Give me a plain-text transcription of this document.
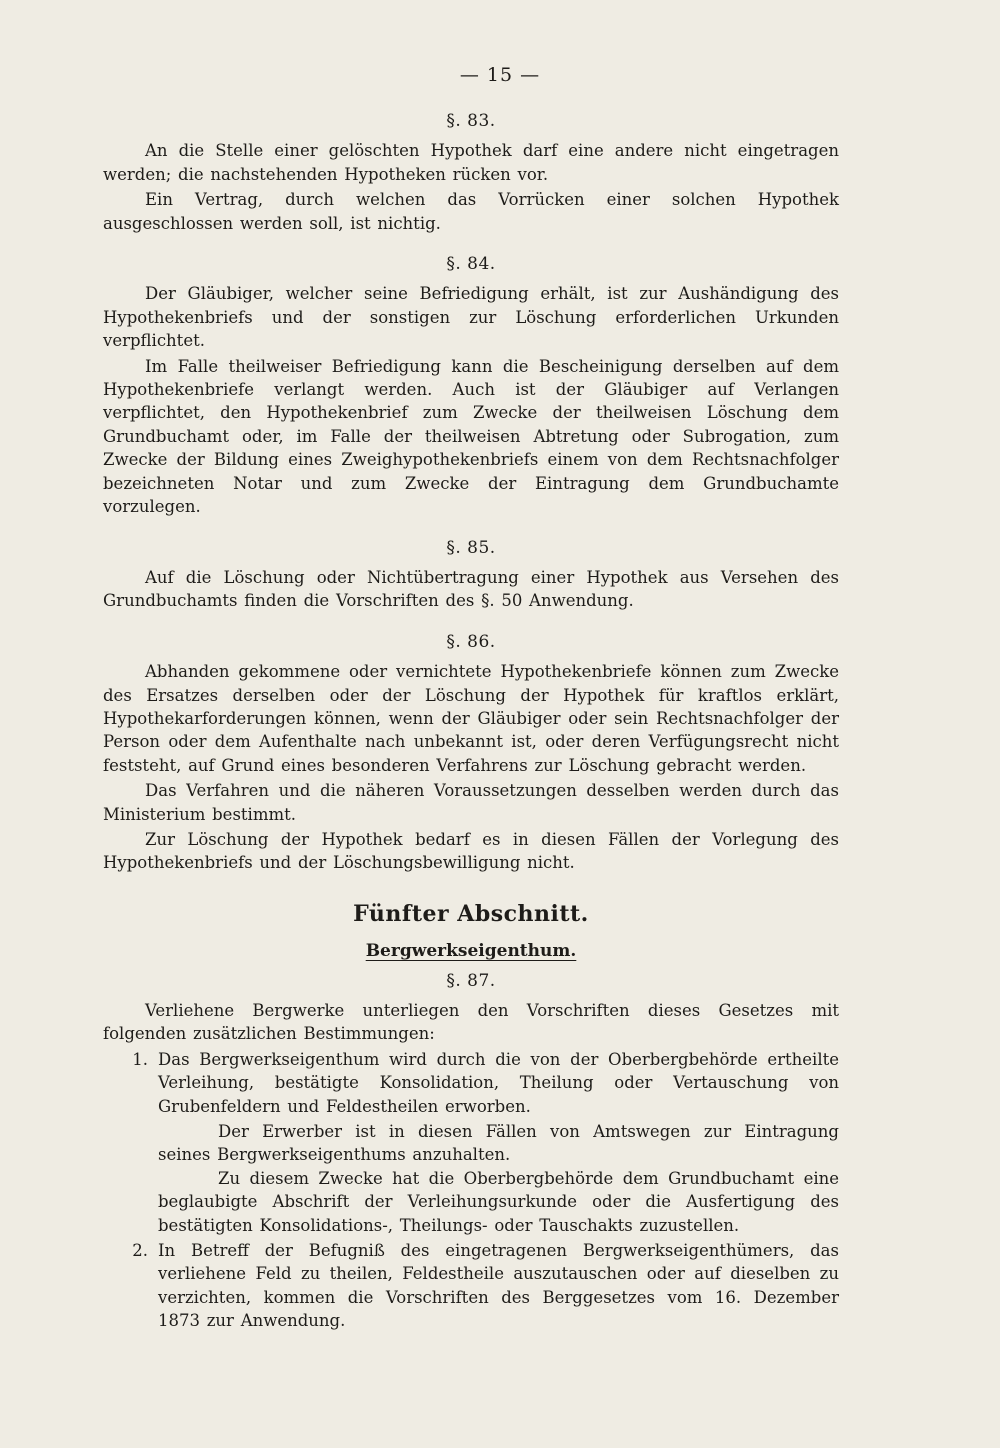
— 15 —
§. 83.

An die Stelle einer gelöschten Hypothek darf eine andere nicht eingetragen werden; die nachstehenden Hypotheken rücken vor.

Ein Vertrag, durch welchen das Vorrücken einer solchen Hypothek ausgeschlossen werden soll, ist nichtig.

§. 84.

Der Gläubiger, welcher seine Befriedigung erhält, ist zur Aushändigung des Hypothekenbriefs und der sonstigen zur Löschung erforderlichen Urkunden verpflichtet.

Im Falle theilweiser Befriedigung kann die Bescheinigung derselben auf dem Hypothekenbriefe verlangt werden. Auch ist der Gläubiger auf Verlangen verpflichtet, den Hypothekenbrief zum Zwecke der theilweisen Löschung dem Grundbuchamt oder, im Falle der theilweisen Abtretung oder Subrogation, zum Zwecke der Bildung eines Zweighypothekenbriefs einem von dem Rechtsnachfolger bezeichneten Notar und zum Zwecke der Eintragung dem Grundbuchamte vorzulegen.

§. 85.

Auf die Löschung oder Nichtübertragung einer Hypothek aus Versehen des Grundbuchamts finden die Vorschriften des §. 50 Anwendung.

§. 86.

Abhanden gekommene oder vernichtete Hypothekenbriefe können zum Zwecke des Ersatzes derselben oder der Löschung der Hypothek für kraftlos erklärt, Hypothekarforderungen können, wenn der Gläubiger oder sein Rechtsnachfolger der Person oder dem Aufenthalte nach unbekannt ist, oder deren Verfügungsrecht nicht feststeht, auf Grund eines besonderen Verfahrens zur Löschung gebracht werden.

Das Verfahren und die näheren Voraussetzungen desselben werden durch das Ministerium bestimmt.

Zur Löschung der Hypothek bedarf es in diesen Fällen der Vorlegung des Hypothekenbriefs und der Löschungsbewilligung nicht.

Fünfter Abschnitt.
Bergwerkseigenthum.
§. 87.

Verliehene Bergwerke unterliegen den Vorschriften dieses Gesetzes mit folgenden zusätzlichen Bestimmungen:

1. Das Bergwerkseigenthum wird durch die von der Oberbergbehörde ertheilte Verleihung, bestätigte Konsolidation, Theilung oder Vertauschung von Grubenfeldern und Feldestheilen erworben.

Der Erwerber ist in diesen Fällen von Amtswegen zur Eintragung seines Bergwerkseigenthums anzuhalten.

Zu diesem Zwecke hat die Oberbergbehörde dem Grundbuchamt eine beglaubigte Abschrift der Verleihungsurkunde oder die Ausfertigung des bestätigten Konsolidations-, Theilungs- oder Tauschakts zuzustellen.

2. In Betreff der Befugniß des eingetragenen Bergwerkseigenthümers, das verliehene Feld zu theilen, Feldestheile auszutauschen oder auf dieselben zu verzichten, kommen die Vorschriften des Berggesetzes vom 16. Dezember 1873 zur Anwendung.
